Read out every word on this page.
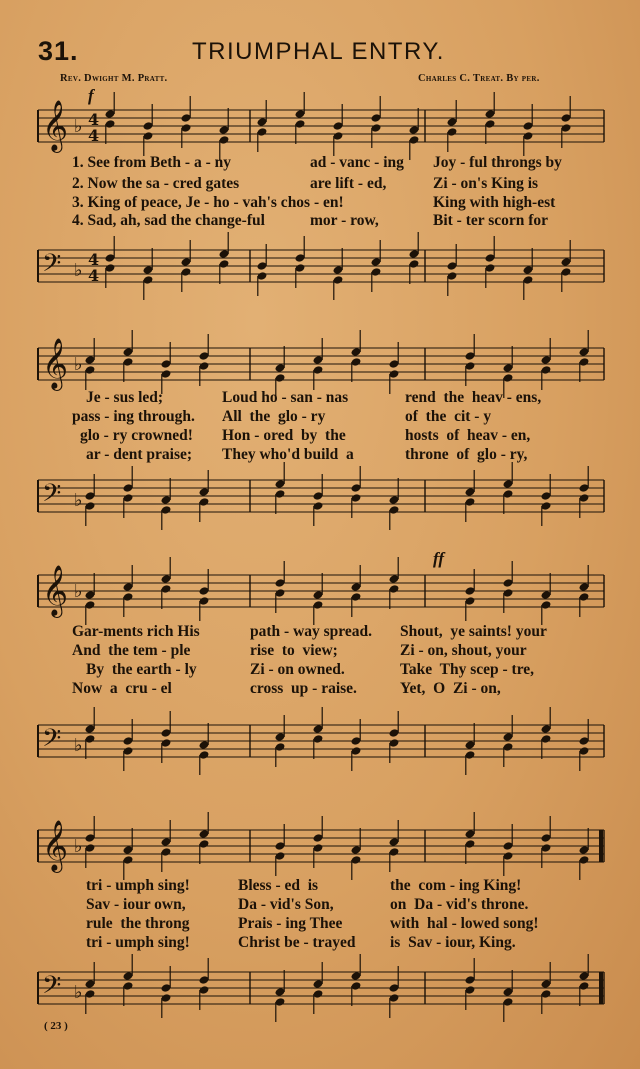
31.	TRIUMPHAL ENTRY.
Rev. Dwight M. Pratt.	Charles C. Treat. By per.
f
ff
𝄞 ♭ 4
4

1. See from Beth - a - ny

	ad - vanc - ing

Joy - ful throngs by

2. Now the sa - cred gates

	are lift - ed,

	Zi - on's King is

3. King of peace, Je - ho - vah's chos - en!

	King with high-est

4. Sad, ah, sad the change-ful

	mor - row,

	Bit - ter scorn for

𝄢 ♭
4
4
𝄞 ♭

Je - sus led;

	Loud ho - san - nas

	rend  the  heav - ens,

pass - ing through.

All  the  glo - ry

	of  the  cit - y

glo - ry crowned!

Hon - ored  by  the

	hosts  of  heav - en,

ar - dent praise;

They who'd build  a

	throne  of  glo - ry,

𝄢 ♭
𝄞 ♭

Gar-ments rich His

	path - way spread.

Shout,  ye saints! your

And  the tem - ple

	rise  to  view;

	Zi - on, shout, your

By  the earth - ly

	Zi - on owned.

	Take  Thy scep - tre,

Now  a  cru - el

	cross  up - raise.

	Yet,  O  Zi - on,

𝄢 ♭
𝄞 ♭

tri - umph sing!

	Bless - ed  is

	the  com - ing King!

Sav - iour own,

	Da - vid's Son,

	on  Da - vid's throne.

rule  the throng

	Prais - ing Thee

	with  hal - lowed song!

tri - umph sing!

	Christ be - trayed

is  Sav - iour, King.

𝄢 ♭
( 23 )
